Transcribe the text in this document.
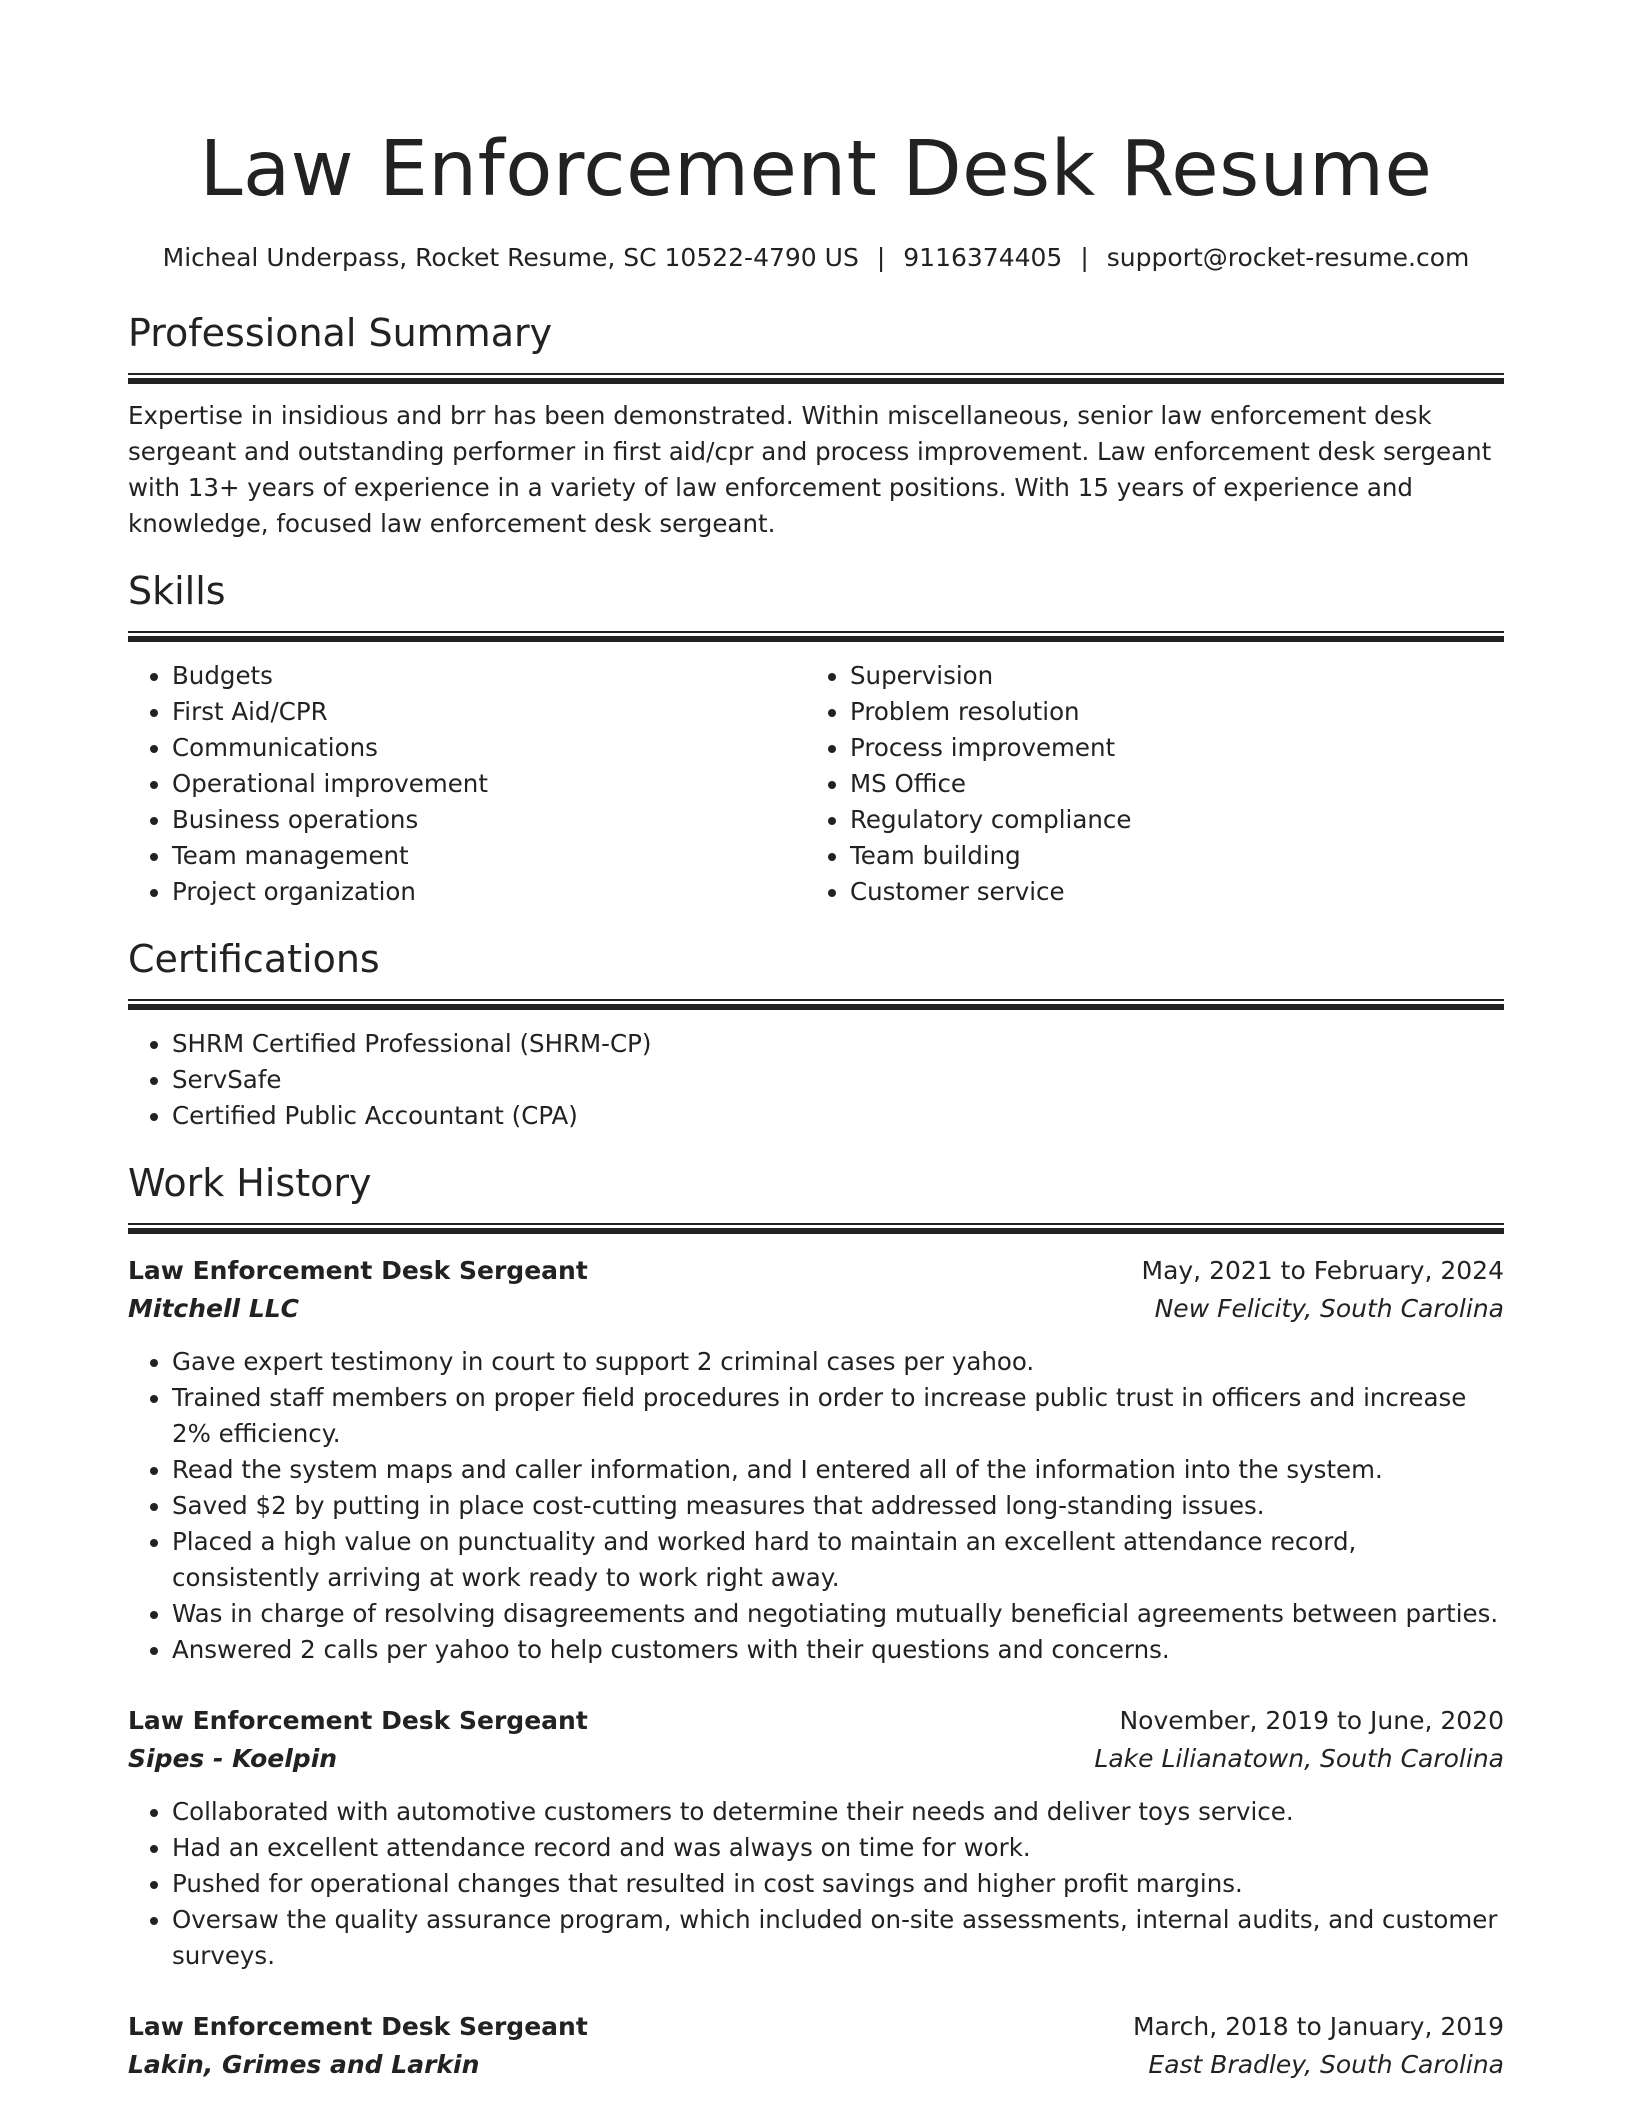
Law Enforcement Desk Resume
Micheal Underpass, Rocket Resume, SC 10522-4790 US | 9116374405 | support@rocket-resume.com
Professional Summary

Expertise in insidious and brr has been demonstrated. Within miscellaneous, senior law enforcement desk sergeant and outstanding performer in first aid/cpr and process improvement. Law enforcement desk sergeant with 13+ years of experience in a variety of law enforcement positions. With 15 years of experience and knowledge, focused law enforcement desk sergeant.

Skills
• Budgets
• First Aid/CPR
• Communications
• Operational improvement
• Business operations
• Team management
• Project organization
• Supervision
• Problem resolution
• Process improvement
• MS Office
• Regulatory compliance
• Team building
• Customer service
Certifications
• SHRM Certified Professional (SHRM-CP)
• ServSafe
• Certified Public Accountant (CPA)
Work History
Law Enforcement Desk Sergeant	May, 2021 to February, 2024
Mitchell LLC	New Felicity, South Carolina
• Gave expert testimony in court to support 2 criminal cases per yahoo.
• Trained staff members on proper field procedures in order to increase public trust in officers and increase 2% efficiency.
• Read the system maps and caller information, and I entered all of the information into the system.
• Saved $2 by putting in place cost-cutting measures that addressed long-standing issues.
• Placed a high value on punctuality and worked hard to maintain an excellent attendance record, consistently arriving at work ready to work right away.
• Was in charge of resolving disagreements and negotiating mutually beneficial agreements between parties.
• Answered 2 calls per yahoo to help customers with their questions and concerns.
Law Enforcement Desk Sergeant	November, 2019 to June, 2020
Sipes - Koelpin	Lake Lilianatown, South Carolina
• Collaborated with automotive customers to determine their needs and deliver toys service.
• Had an excellent attendance record and was always on time for work.
• Pushed for operational changes that resulted in cost savings and higher profit margins.
• Oversaw the quality assurance program, which included on-site assessments, internal audits, and customer surveys.
Law Enforcement Desk Sergeant	March, 2018 to January, 2019
Lakin, Grimes and Larkin	East Bradley, South Carolina
